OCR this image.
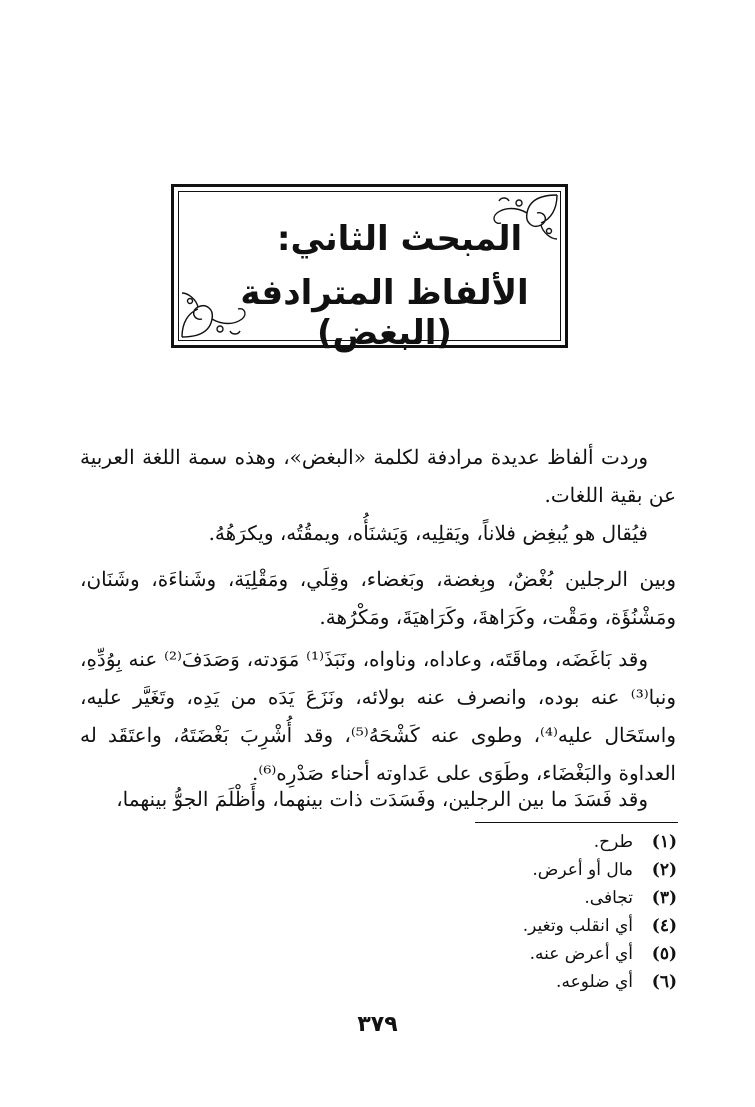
المبحث الثاني:
الألفاظ المترادفة (البغض)

وردت ألفاظ عديدة مرادفة لكلمة «البغض»، وهذه سمة اللغة العربية عن بقية اللغات.

فيُقال هو يُبغِض فلاناً، ويَقلِيه، وَيَشنَأُه، ويمقُتُه، ويكرَهُهُ.

وبين الرجلين بُغْضٌ، وبِغضة، وبَغضاء، وقِلَي، ومَقْلِيَة، وشَناءَة، وشَنَان، ومَشْنُؤَة، ومَقْت، وكَرَاهةَ، وكَرَاهيَةَ، ومَكْرُهة.

وقد بَاغَضَه، وماقَتَه، وعاداه، وناواه، ونَبَذَ⁽¹⁾ مَوَدته، وَصَدَفَ⁽²⁾ عنه بِوُدِّهِ، ونبا⁽³⁾ عنه بوده، وانصرف عنه بولائه، ونَزَعَ يَدَه من يَدِه، وتَغَيَّر عليه، واستَحَال عليه⁽⁴⁾، وطوى عنه كَشْحَهُ⁽⁵⁾، وقد أُشْرِبَ بَغْضَتَهُ، واعتَقَد له العداوة والبَغْضَاء، وطَوَى على عَداوته أحناء صَدْرِه⁽⁶⁾.

وقد فَسَدَ ما بين الرجلين، وفَسَدَت ذات بينهما، وأَظْلَمَ الجوُّ بينهما،

(١)
طرح.
(٢)
مال أو أعرض.
(٣)
تجافى.
(٤)
أي انقلب وتغير.
(٥)
أي أعرض عنه.
(٦)
أي ضلوعه.
٣٧٩
